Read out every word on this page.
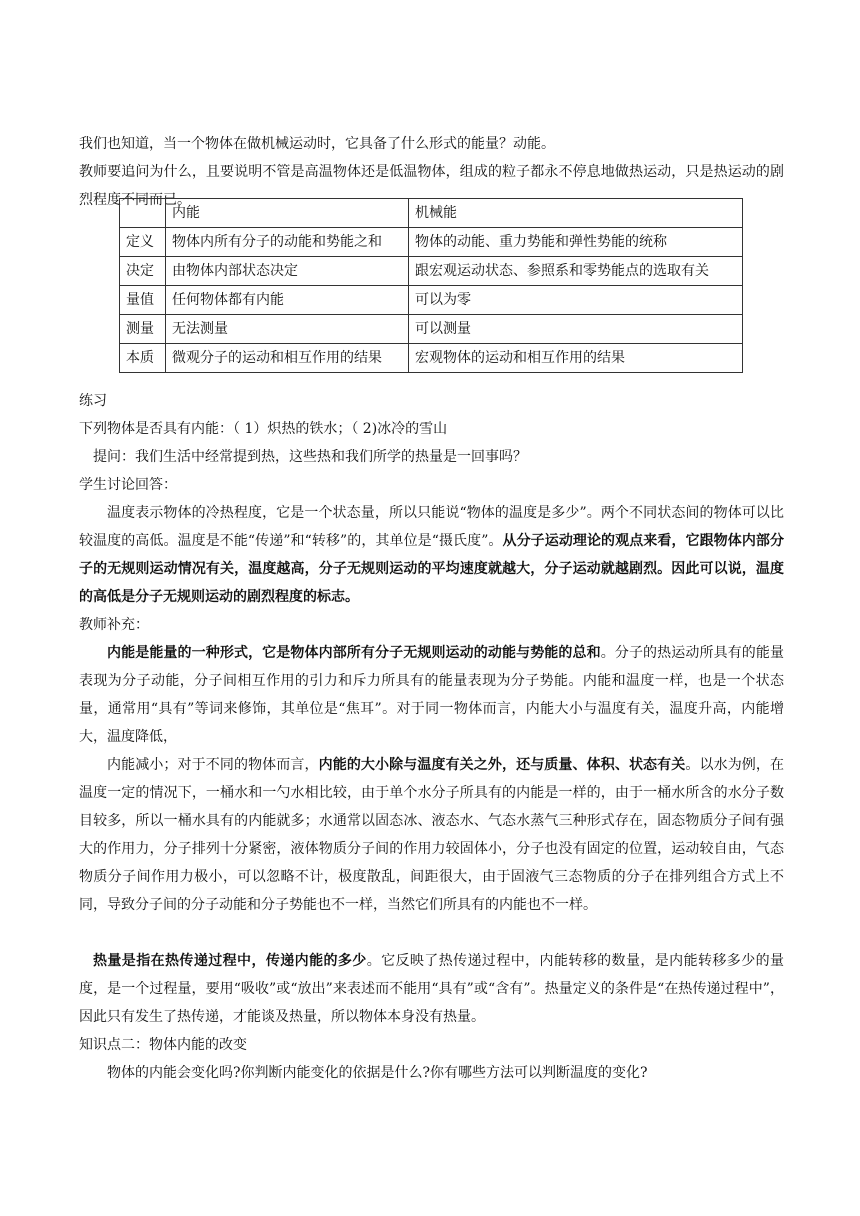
我们也知道，当一个物体在做机械运动时，它具备了什么形式的能量？动能。

教师要追问为什么，且要说明不管是高温物体还是低温物体，组成的粒子都永不停息地做热运动，只是热运动的剧烈程度不同而已。

	内能	机械能
定义	物体内所有分子的动能和势能之和	物体的动能、重力势能和弹性势能的统称
决定	由物体内部状态决定	跟宏观运动状态、参照系和零势能点的选取有关
量值	任何物体都有内能	可以为零
测量	无法测量	可以测量
本质	微观分子的运动和相互作用的结果	宏观物体的运动和相互作用的结果

练习

下列物体是否具有内能：（ 1）炽热的铁水；（ 2)冰冷的雪山

提问：我们生活中经常提到热，这些热和我们所学的热量是一回事吗？

学生讨论回答：

温度表示物体的冷热程度，它是一个状态量，所以只能说“物体的温度是多少”。两个不同状态间的物体可以比较温度的高低。温度是不能“传递”和“转移”的，其单位是“摄氏度”。从分子运动理论的观点来看，它跟物体内部分子的无规则运动情况有关，温度越高，分子无规则运动的平均速度就越大，分子运动就越剧烈。因此可以说，温度的高低是分子无规则运动的剧烈程度的标志。

教师补充：

内能是能量的一种形式，它是物体内部所有分子无规则运动的动能与势能的总和。分子的热运动所具有的能量表现为分子动能，分子间相互作用的引力和斥力所具有的能量表现为分子势能。内能和温度一样，也是一个状态量，通常用“具有”等词来修饰，其单位是“焦耳”。对于同一物体而言，内能大小与温度有关，温度升高，内能增大，温度降低，

内能减小；对于不同的物体而言，内能的大小除与温度有关之外，还与质量、体积、状态有关。以水为例，在温度一定的情况下，一桶水和一勺水相比较，由于单个水分子所具有的内能是一样的，由于一桶水所含的水分子数目较多，所以一桶水具有的内能就多；水通常以固态冰、液态水、气态水蒸气三种形式存在，固态物质分子间有强大的作用力，分子排列十分紧密，液体物质分子间的作用力较固体小，分子也没有固定的位置，运动较自由，气态物质分子间作用力极小，可以忽略不计，极度散乱，间距很大，由于固液气三态物质的分子在排列组合方式上不同，导致分子间的分子动能和分子势能也不一样，当然它们所具有的内能也不一样。

热量是指在热传递过程中，传递内能的多少。它反映了热传递过程中，内能转移的数量，是内能转移多少的量度，是一个过程量，要用“吸收”或“放出”来表述而不能用“具有”或“含有”。热量定义的条件是“在热传递过程中”，因此只有发生了热传递，才能谈及热量，所以物体本身没有热量。

知识点二：物体内能的改变

物体的内能会变化吗?你判断内能变化的依据是什么?你有哪些方法可以判断温度的变化?
